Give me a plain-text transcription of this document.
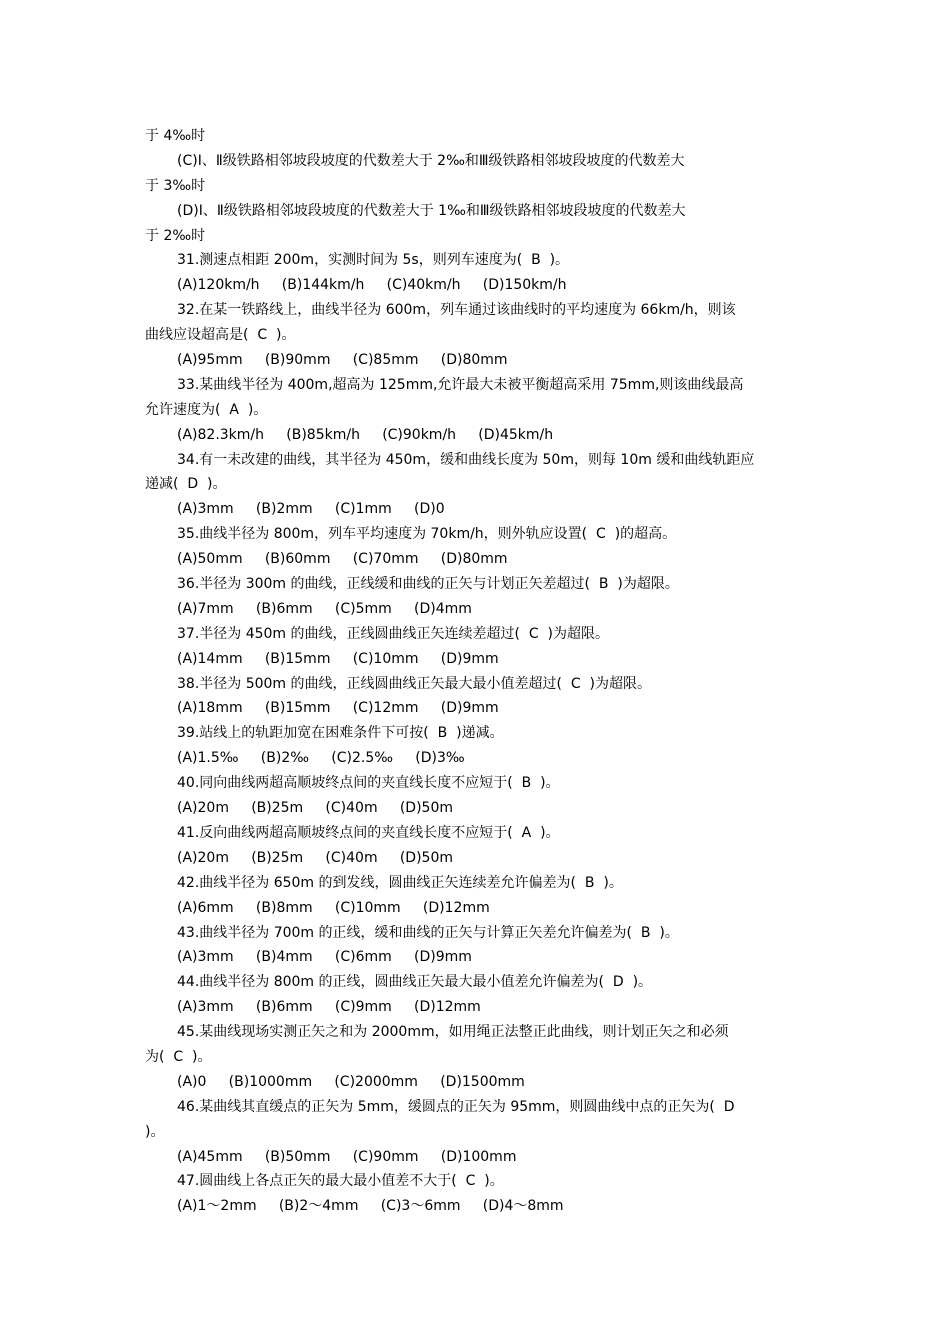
于 4‰时
(C)Ⅰ、Ⅱ级铁路相邻坡段坡度的代数差大于 2‰和Ⅲ级铁路相邻坡段坡度的代数差大
于 3‰时
(D)Ⅰ、Ⅱ级铁路相邻坡段坡度的代数差大于 1‰和Ⅲ级铁路相邻坡段坡度的代数差大
于 2‰时
31.测速点相距 200m，实测时间为 5s，则列车速度为(  B  )。
(A)120km/h     (B)144km/h     (C)40km/h     (D)150km/h
32.在某一铁路线上，曲线半径为 600m，列车通过该曲线时的平均速度为 66km/h，则该
曲线应设超高是(  C  )。
(A)95mm     (B)90mm     (C)85mm     (D)80mm
33.某曲线半径为 400m,超高为 125mm,允许最大未被平衡超高采用 75mm,则该曲线最高
允许速度为(  A  )。
(A)82.3km/h     (B)85km/h     (C)90km/h     (D)45km/h
34.有一未改建的曲线，其半径为 450m，缓和曲线长度为 50m，则每 10m 缓和曲线轨距应
递减(  D  )。
(A)3mm     (B)2mm     (C)1mm     (D)0
35.曲线半径为 800m，列车平均速度为 70km/h，则外轨应设置(  C  )的超高。
(A)50mm     (B)60mm     (C)70mm     (D)80mm
36.半径为 300m 的曲线，正线缓和曲线的正矢与计划正矢差超过(  B  )为超限。
(A)7mm     (B)6mm     (C)5mm     (D)4mm
37.半径为 450m 的曲线，正线圆曲线正矢连续差超过(  C  )为超限。
(A)14mm     (B)15mm     (C)10mm     (D)9mm
38.半径为 500m 的曲线，正线圆曲线正矢最大最小值差超过(  C  )为超限。
(A)18mm     (B)15mm     (C)12mm     (D)9mm
39.站线上的轨距加宽在困难条件下可按(  B  )递减。
(A)1.5‰     (B)2‰     (C)2.5‰     (D)3‰
40.同向曲线两超高顺坡终点间的夹直线长度不应短于(  B  )。
(A)20m     (B)25m     (C)40m     (D)50m
41.反向曲线两超高顺坡终点间的夹直线长度不应短于(  A  )。
(A)20m     (B)25m     (C)40m     (D)50m
42.曲线半径为 650m 的到发线，圆曲线正矢连续差允许偏差为(  B  )。
(A)6mm     (B)8mm     (C)10mm     (D)12mm
43.曲线半径为 700m 的正线，缓和曲线的正矢与计算正矢差允许偏差为(  B  )。
(A)3mm     (B)4mm     (C)6mm     (D)9mm
44.曲线半径为 800m 的正线，圆曲线正矢最大最小值差允许偏差为(  D  )。
(A)3mm     (B)6mm     (C)9mm     (D)12mm
45.某曲线现场实测正矢之和为 2000mm，如用绳正法整正此曲线，则计划正矢之和必须
为(  C  )。
(A)0     (B)1000mm     (C)2000mm     (D)1500mm
46.某曲线其直缓点的正矢为 5mm，缓圆点的正矢为 95mm，则圆曲线中点的正矢为(  D
)。
(A)45mm     (B)50mm     (C)90mm     (D)100mm
47.圆曲线上各点正矢的最大最小值差不大于(  C  )。
(A)1～2mm     (B)2～4mm     (C)3～6mm     (D)4～8mm
